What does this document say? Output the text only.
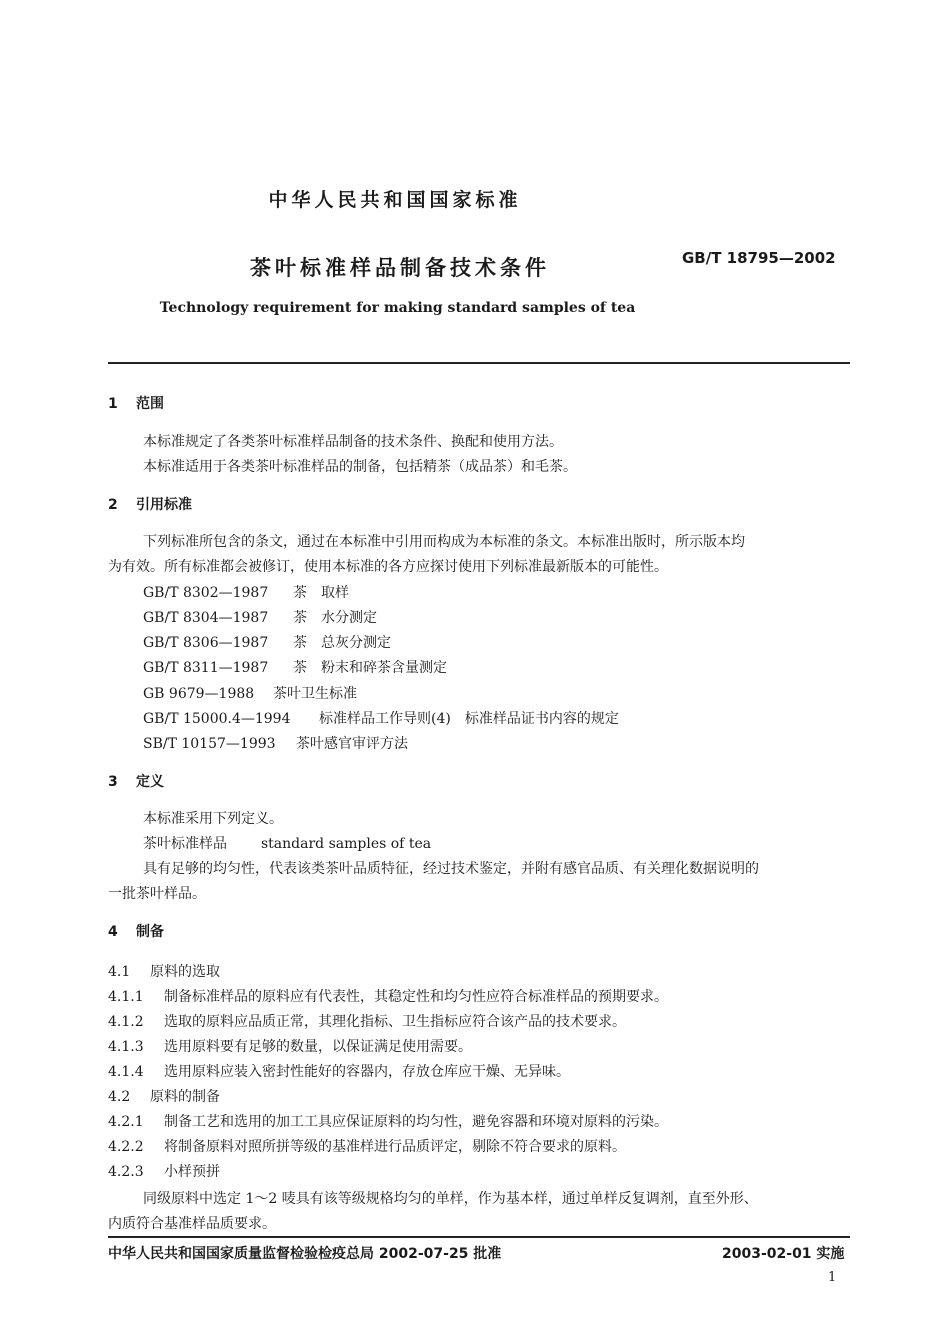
中华人民共和国国家标准
茶叶标准样品制备技术条件	GB/T 18795—2002
Technology requirement for making standard samples of tea
1 范围
本标准规定了各类茶叶标准样品制备的技术条件、换配和使用方法。
本标准适用于各类茶叶标准样品的制备，包括精茶（成品茶）和毛茶。
2 引用标准
下列标准所包含的条文，通过在本标准中引用而构成为本标准的条文。本标准出版时，所示版本均
为有效。所有标准都会被修订，使用本标准的各方应探讨使用下列标准最新版本的可能性。
GB/T 8302—1987 茶　取样
GB/T 8304—1987 茶　水分测定
GB/T 8306—1987 茶　总灰分测定
GB/T 8311—1987 茶　粉末和碎茶含量测定
GB 9679—1988 茶叶卫生标准
GB/T 15000.4—1994 标准样品工作导则(4)　标准样品证书内容的规定
SB/T 10157—1993 茶叶感官审评方法
3 定义
本标准采用下列定义。
茶叶标准样品 standard samples of tea
具有足够的均匀性，代表该类茶叶品质特征，经过技术鉴定，并附有感官品质、有关理化数据说明的
一批茶叶样品。
4 制备
4.1 原料的选取
4.1.1 制备标准样品的原料应有代表性，其稳定性和均匀性应符合标准样品的预期要求。
4.1.2 选取的原料应品质正常，其理化指标、卫生指标应符合该产品的技术要求。
4.1.3 选用原料要有足够的数量，以保证满足使用需要。
4.1.4 选用原料应装入密封性能好的容器内，存放仓库应干燥、无异味。
4.2 原料的制备
4.2.1 制备工艺和选用的加工工具应保证原料的均匀性，避免容器和环境对原料的污染。
4.2.2 将制备原料对照所拼等级的基准样进行品质评定，剔除不符合要求的原料。
4.2.3 小样预拼
同级原料中选定 1～2 唛具有该等级规格均匀的单样，作为基本样，通过单样反复调剂，直至外形、
内质符合基准样品质要求。
中华人民共和国国家质量监督检验检疫总局 2002-07-25 批准	2003-02-01 实施
1
